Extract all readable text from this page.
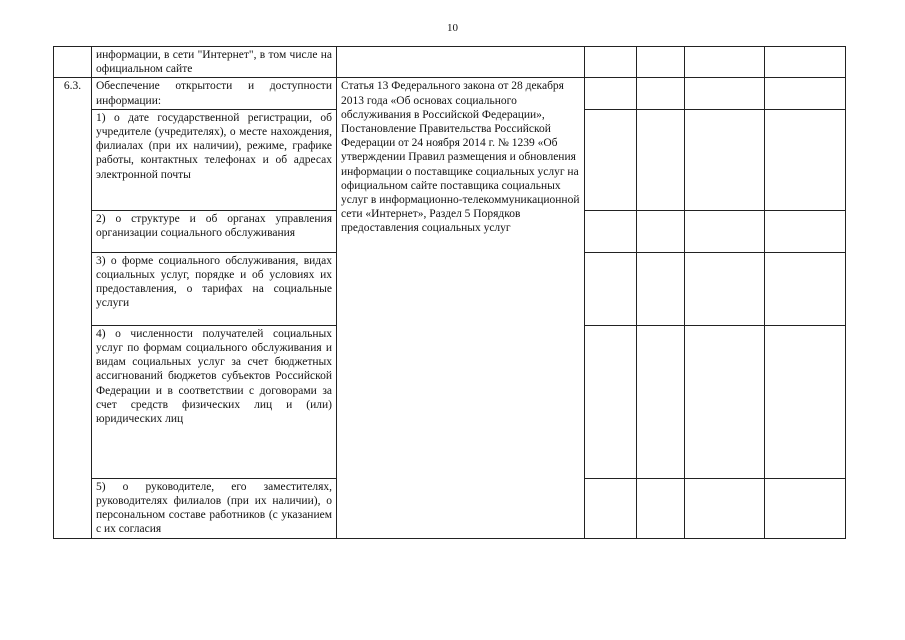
10
	информации, в сети "Интернет", в том числе на официальном сайте					
6.3.	Обеспечение открытости и доступности информации:	Статья 13 Федерального закона от 28 декабря 2013 года «Об основах социального обслуживания в Российской Федерации», Постановление Правительства Российской Федерации от 24 ноября 2014 г. № 1239 «Об утверждении Правил размещения и обновления информации о поставщике социальных услуг на официальном сайте поставщика социальных услуг в информационно-телекоммуникационной сети «Интернет», Раздел 5 Порядков предоставления социальных услуг				
	1) о дате государственной регистрации, об учредителе (учредителях), о месте нахождения, филиалах (при их наличии), режиме, графике работы, контактных телефонах и об адресах электронной почты					
	2) о структуре и об органах управления организации социального обслуживания					
	3) о форме социального обслуживания, видах социальных услуг, порядке и об условиях их предоставления, о тарифах на социальные услуги					
	4) о численности получателей социальных услуг по формам социального обслуживания и видам социальных услуг за счет бюджетных ассигнований бюджетов субъектов Российской Федерации и в соответствии с договорами за счет средств физических лиц и (или) юридических лиц					
	5) о руководителе, его заместителях, руководителях филиалов (при их наличии), о персональном составе работников (с указанием с их согласия					
